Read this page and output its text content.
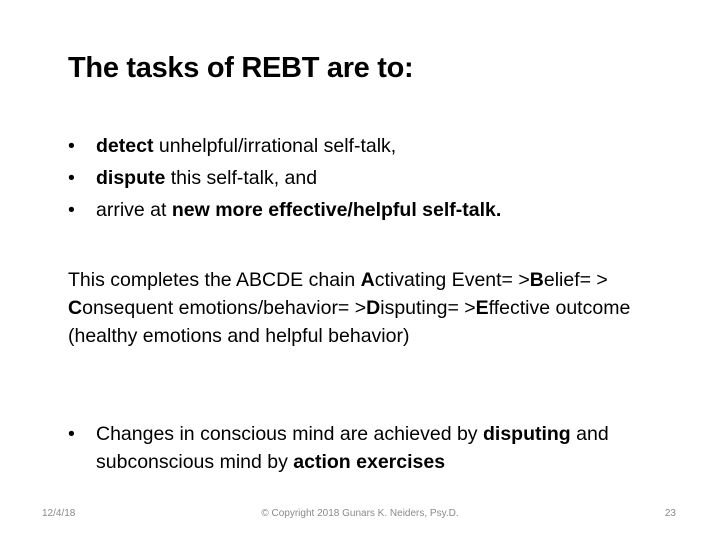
The tasks of REBT are to:
• detect unhelpful/irrational self-talk,
• dispute this self-talk, and
• arrive at new more effective/helpful self-talk.
This completes the ABCDE chain Activating Event= >Belief= > Consequent emotions/behavior= >Disputing= >Effective outcome (healthy emotions and helpful behavior)
• Changes in conscious mind are achieved by disputing and subconscious mind by action exercises
12/4/18	© Copyright 2018 Gunars K. Neiders, Psy.D.	23
